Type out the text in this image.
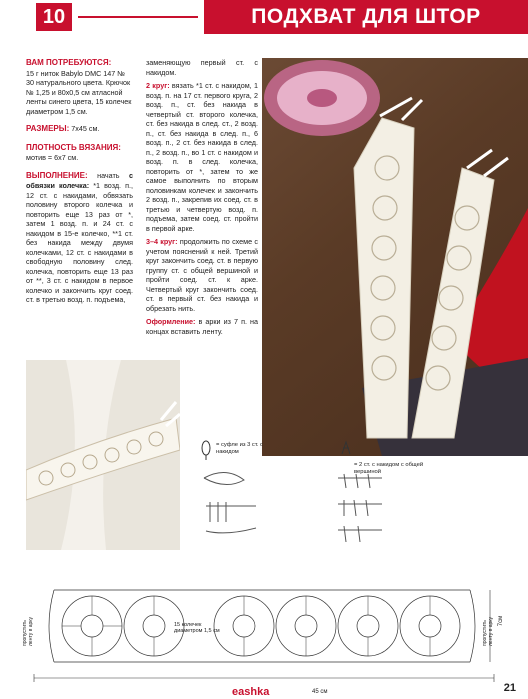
10	ПОДХВАТ ДЛЯ ШТОР

ВАМ ПОТРЕБУЮТСЯ:
15 г ниток Babylo DMC 147 № 30 натурального цвета. Крючок № 1,25 и 80х0,5 см атласной ленты синего цвета, 15 колечек диаметром 1,5 см.

РАЗМЕРЫ: 7х45 см.

ПЛОТНОСТЬ ВЯЗАНИЯ:
мотив = 6х7 см.

ВЫПОЛНЕНИЕ: начать с обвязки колечка: *1 возд. п., 12 ст. с накидами, обвязать половину второго колечка и повторить еще 13 раз от *, затем 1 возд. п. и 24 ст. с накидом в 15-е колечко, **1 ст. без накида между двумя колечками, 12 ст. с накидами в свободную половину след. колечка, повторить еще 13 раз от **, 3 ст. с накидом в первое колечко и закончить круг соед. ст. в третью возд. п. подъема,

заменяющую первый ст. с накидом.

2 круг: вязать *1 ст. с накидом, 1 возд. п. на 17 ст. первого круга, 2 возд. п., ст. без накида в четвертый ст. второго колечка, ст. без накида в след. ст., 2 возд. п., ст. без накида в след. п., 6 возд. п., 2 ст. без накида в след. п., 2 возд. п., во 1 ст. с накидом и возд. п. в след. колечка, повторить от *, затем то же самое выполнить по вторым половинкам колечек и закончить 2 возд. п., закрепив их соед. ст. в третью и четвертую возд. п. подъема, затем соед. ст. пройти в первой арке.

3–4 круг: продолжить по схеме с учетом пояснений к ней. Третий круг закончить соед. ст. в первую группу ст. с общей вершиной и пройти соед. ст. к арке. Четвертый круг закончить соед. ст. в первый ст. без накида и обрезать нить.

Оформление: в арки из 7 п. на концах вставить ленту.

= суфле из 3 ст. с накидом
= 2 ст. с накидом с общей вершиной
15 колечек диаметром 1,5 см
пропустить ленту в арку	пропустить ленту в арку 7см
45 см
eashka	21
